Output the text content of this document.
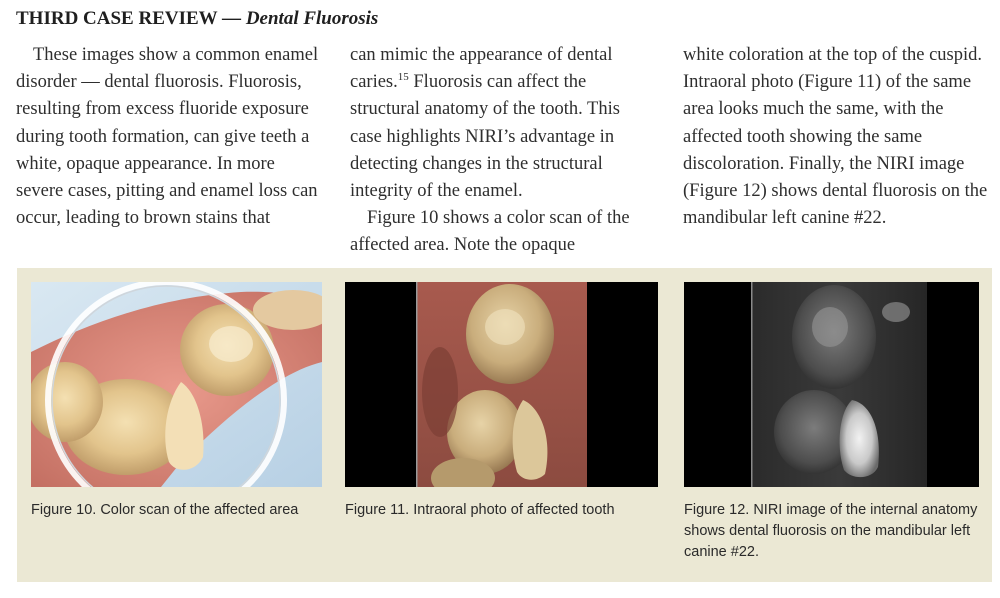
THIRD CASE REVIEW — Dental Fluorosis

These images show a common enamel disorder — dental fluorosis. Fluorosis, resulting from excess fluoride exposure during tooth formation, can give teeth a white, opaque appearance. In more severe cases, pitting and enamel loss can occur, leading to brown stains that

can mimic the appearance of dental caries.$^{15}$ Fluorosis can affect the structural anatomy of the tooth. This case highlights NIRI’s advantage in detecting changes in the structural integrity of the enamel.

Figure 10 shows a color scan of the affected area. Note the opaque

white coloration at the top of the cuspid. Intraoral photo (Figure 11) of the same area looks much the same, with the affected tooth showing the same discoloration. Finally, the NIRI image (Figure 12) shows dental fluorosis on the mandibular left canine #22.

Figure 10. Color scan of the affected area	Figure 11. Intraoral photo of affected tooth	Figure 12. NIRI image of the internal anatomy shows dental fluorosis on the mandibular left canine #22.
